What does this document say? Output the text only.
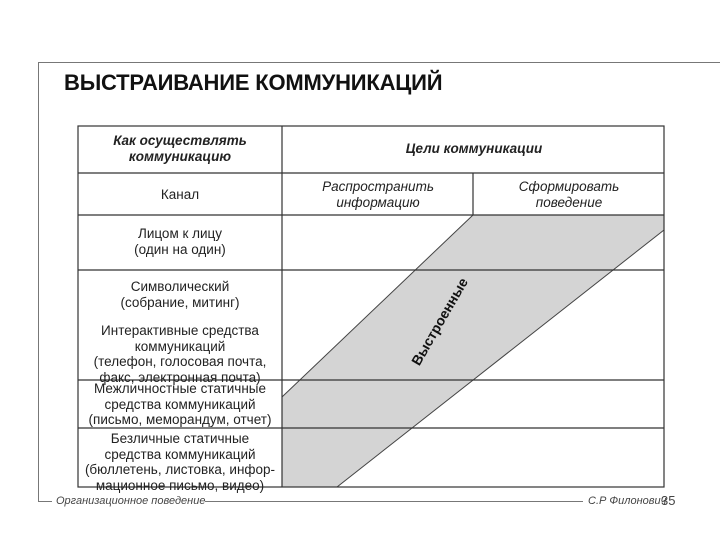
ВЫСТРАИВАНИЕ КОММУНИКАЦИЙ
Как осуществлять
коммуникацию	Цели коммуникации
Канал
Распространить
информацию
Сформировать
поведение
Лицом к лицу
(один на один)
Символический
(собрание, митинг)
Интерактивные средства
коммуникаций
(телефон, голосовая почта,
факс, электронная почта)
Межличностные статичные
средства коммуникаций
(письмо, меморандум, отчет)
Безличные статичные
средства коммуникаций
(бюллетень, листовка, инфор-
мационное письмо, видео)
Выстроенные
Организационное поведение	С.Р Филонович
35
